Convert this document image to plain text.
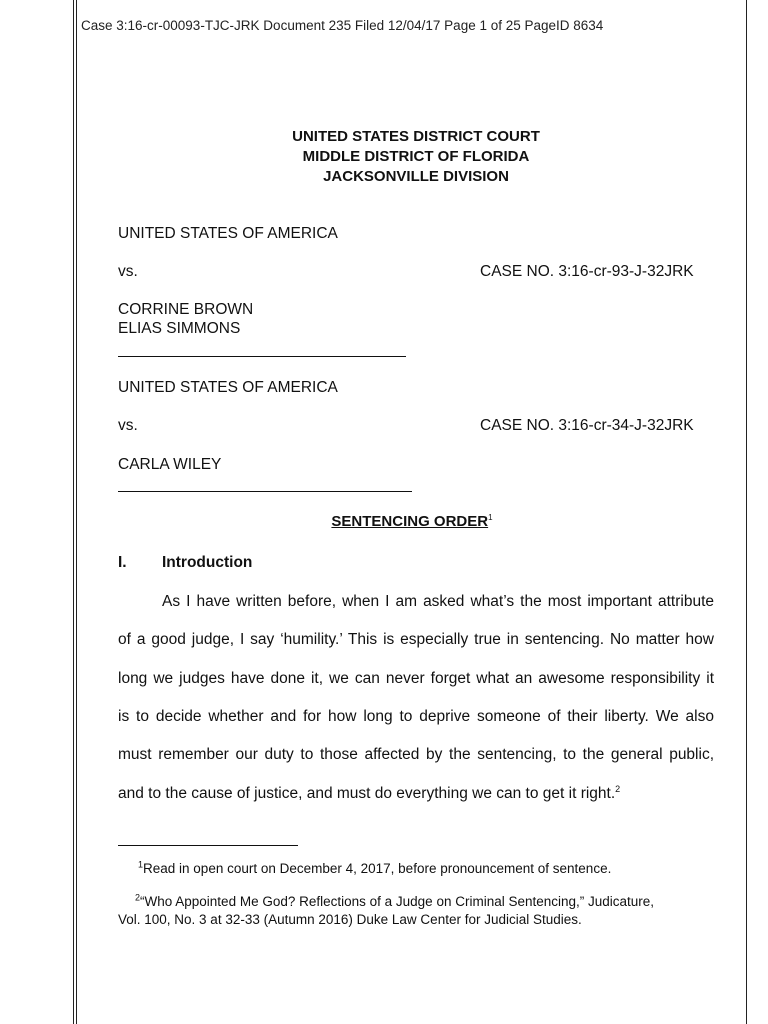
Case 3:16-cr-00093-TJC-JRK Document 235 Filed 12/04/17 Page 1 of 25 PageID 8634
UNITED STATES DISTRICT COURT
MIDDLE DISTRICT OF FLORIDA
JACKSONVILLE DIVISION
UNITED STATES OF AMERICA
vs.	CASE NO. 3:16-cr-93-J-32JRK
CORRINE BROWN
ELIAS SIMMONS
UNITED STATES OF AMERICA
vs.	CASE NO. 3:16-cr-34-J-32JRK
CARLA WILEY
SENTENCING ORDER$^1$
I. Introduction
As I have written before, when I am asked what’s the most important attribute
of a good judge, I say ‘humility.’ This is especially true in sentencing. No matter how
long we judges have done it, we can never forget what an awesome responsibility it
is to decide whether and for how long to deprive someone of their liberty. We also
must remember our duty to those affected by the sentencing, to the general public,
and to the cause of justice, and must do everything we can to get it right.$^2$
$^1$Read in open court on December 4, 2017, before pronouncement of sentence.
$^2$“Who Appointed Me God? Reflections of a Judge on Criminal Sentencing,” Judicature,
Vol. 100, No. 3 at 32-33 (Autumn 2016) Duke Law Center for Judicial Studies.
